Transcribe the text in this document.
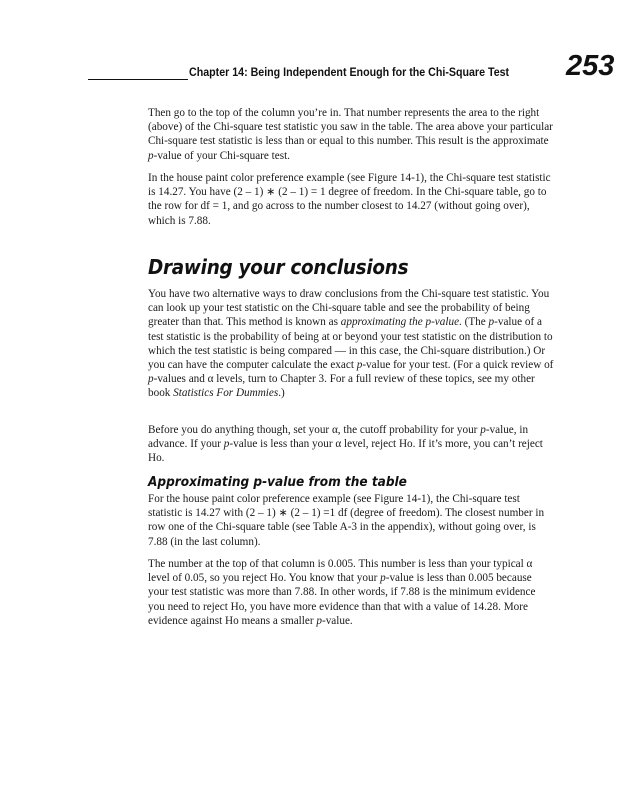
Chapter 14: Being Independent Enough for the Chi-Square Test 253

Then go to the top of the column you’re in. That number represents the area to the right (above) of the Chi-square test statistic you saw in the table. The area above your particular Chi-square test statistic is less than or equal to this number. This result is the approximate p-value of your Chi-square test.

In the house paint color preference example (see Figure 14-1), the Chi-square test statistic is 14.27. You have (2 – 1) ∗ (2 – 1) = 1 degree of freedom. In the Chi-square table, go to the row for df = 1, and go across to the number closest to 14.27 (without going over), which is 7.88.

Drawing your conclusions

You have two alternative ways to draw conclusions from the Chi-square test statistic. You can look up your test statistic on the Chi-square table and see the probability of being greater than that. This method is known as approximating the p-value. (The p-value of a test statistic is the probability of being at or beyond your test statistic on the distribution to which the test statistic is being compared — in this case, the Chi-square distribution.) Or you can have the computer calculate the exact p-value for your test. (For a quick review of p-values and α levels, turn to Chapter 3. For a full review of these topics, see my other book Statistics For Dummies.)

Before you do anything though, set your α, the cutoff probability for your p-value, in advance. If your p-value is less than your α level, reject Ho. If it’s more, you can’t reject Ho.

Approximating p-value from the table

For the house paint color preference example (see Figure 14-1), the Chi-square test statistic is 14.27 with (2 – 1) ∗ (2 – 1) =1 df (degree of freedom). The closest number in row one of the Chi-square table (see Table A-3 in the appendix), without going over, is 7.88 (in the last column).

The number at the top of that column is 0.005. This number is less than your typical α level of 0.05, so you reject Ho. You know that your p-value is less than 0.005 because your test statistic was more than 7.88. In other words, if 7.88 is the minimum evidence you need to reject Ho, you have more evidence than that with a value of 14.28. More evidence against Ho means a smaller p-value.
